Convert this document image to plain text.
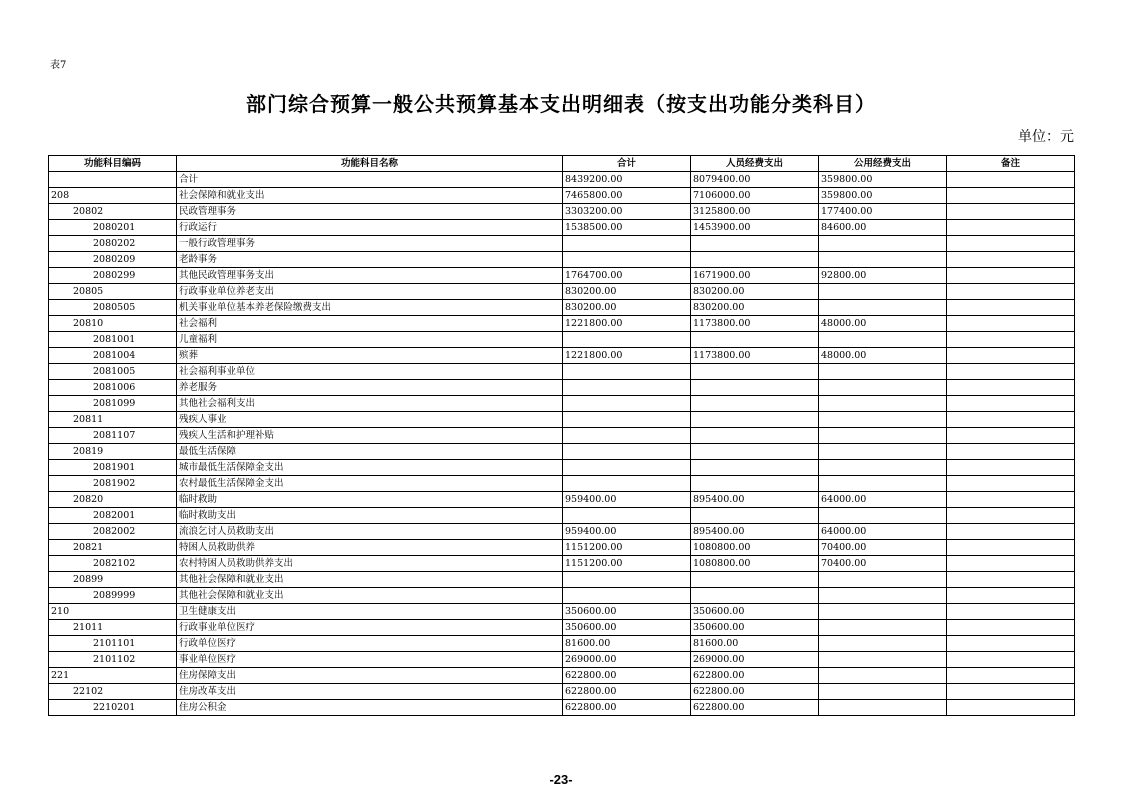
表7
部门综合预算一般公共预算基本支出明细表（按支出功能分类科目）
单位：元
功能科目编码	功能科目名称	合计	人员经费支出	公用经费支出	备注
	合计	8439200.00	8079400.00	359800.00	
208	社会保障和就业支出	7465800.00	7106000.00	359800.00	
20802	民政管理事务	3303200.00	3125800.00	177400.00	
2080201	行政运行	1538500.00	1453900.00	84600.00	
2080202	一般行政管理事务				
2080209	老龄事务				
2080299	其他民政管理事务支出	1764700.00	1671900.00	92800.00	
20805	行政事业单位养老支出	830200.00	830200.00		
2080505	机关事业单位基本养老保险缴费支出	830200.00	830200.00		
20810	社会福利	1221800.00	1173800.00	48000.00	
2081001	儿童福利				
2081004	殡葬	1221800.00	1173800.00	48000.00	
2081005	社会福利事业单位				
2081006	养老服务				
2081099	其他社会福利支出				
20811	残疾人事业				
2081107	残疾人生活和护理补贴				
20819	最低生活保障				
2081901	城市最低生活保障金支出				
2081902	农村最低生活保障金支出				
20820	临时救助	959400.00	895400.00	64000.00	
2082001	临时救助支出				
2082002	流浪乞讨人员救助支出	959400.00	895400.00	64000.00	
20821	特困人员救助供养	1151200.00	1080800.00	70400.00	
2082102	农村特困人员救助供养支出	1151200.00	1080800.00	70400.00	
20899	其他社会保障和就业支出				
2089999	其他社会保障和就业支出				
210	卫生健康支出	350600.00	350600.00		
21011	行政事业单位医疗	350600.00	350600.00		
2101101	行政单位医疗	81600.00	81600.00		
2101102	事业单位医疗	269000.00	269000.00		
221	住房保障支出	622800.00	622800.00		
22102	住房改革支出	622800.00	622800.00		
2210201	住房公积金	622800.00	622800.00		
-23-
